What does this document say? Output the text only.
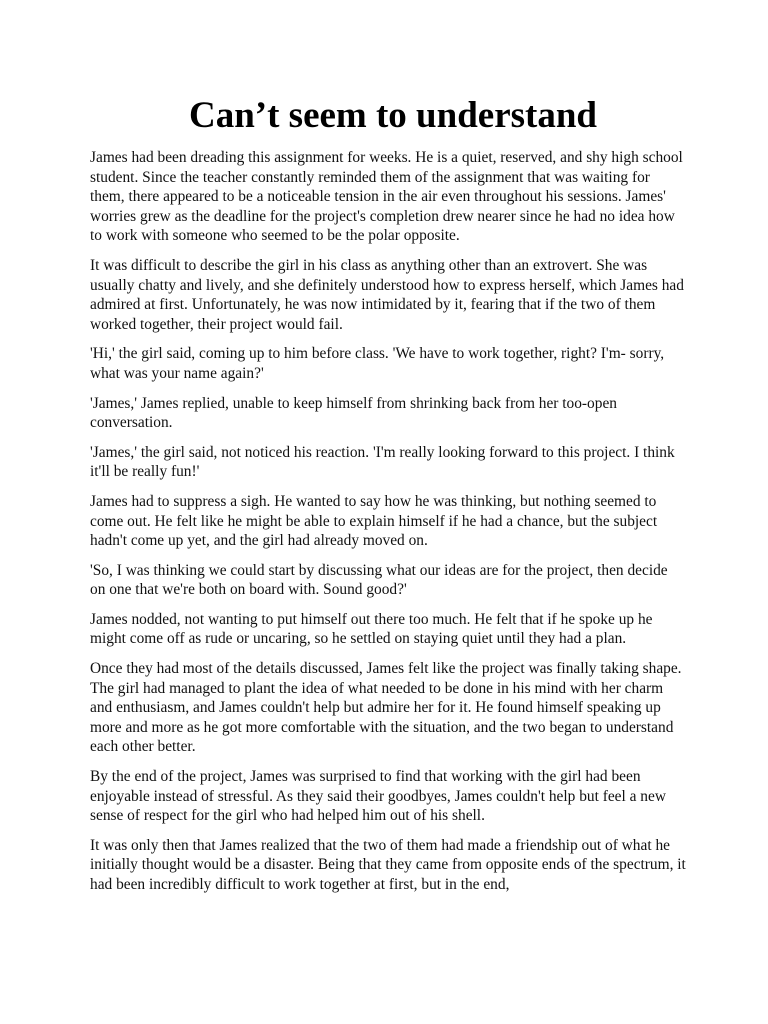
Can’t seem to understand

James had been dreading this assignment for weeks. He is a quiet, reserved, and shy high school student. Since the teacher constantly reminded them of the assignment that was waiting for them, there appeared to be a noticeable tension in the air even throughout his sessions. James' worries grew as the deadline for the project's completion drew nearer since he had no idea how to work with someone who seemed to be the polar opposite.

It was difficult to describe the girl in his class as anything other than an extrovert. She was usually chatty and lively, and she definitely understood how to express herself, which James had admired at first. Unfortunately, he was now intimidated by it, fearing that if the two of them worked together, their project would fail.

'Hi,' the girl said, coming up to him before class. 'We have to work together, right? I'm- sorry, what was your name again?'

'James,' James replied, unable to keep himself from shrinking back from her too-open conversation.

'James,' the girl said, not noticed his reaction. 'I'm really looking forward to this project. I think it'll be really fun!'

James had to suppress a sigh. He wanted to say how he was thinking, but nothing seemed to come out. He felt like he might be able to explain himself if he had a chance, but the subject hadn't come up yet, and the girl had already moved on.

'So, I was thinking we could start by discussing what our ideas are for the project, then decide on one that we're both on board with. Sound good?'

James nodded, not wanting to put himself out there too much. He felt that if he spoke up he might come off as rude or uncaring, so he settled on staying quiet until they had a plan.

Once they had most of the details discussed, James felt like the project was finally taking shape. The girl had managed to plant the idea of what needed to be done in his mind with her charm and enthusiasm, and James couldn't help but admire her for it. He found himself speaking up more and more as he got more comfortable with the situation, and the two began to understand each other better.

By the end of the project, James was surprised to find that working with the girl had been enjoyable instead of stressful. As they said their goodbyes, James couldn't help but feel a new sense of respect for the girl who had helped him out of his shell.

It was only then that James realized that the two of them had made a friendship out of what he initially thought would be a disaster. Being that they came from opposite ends of the spectrum, it had been incredibly difficult to work together at first, but in the end,
